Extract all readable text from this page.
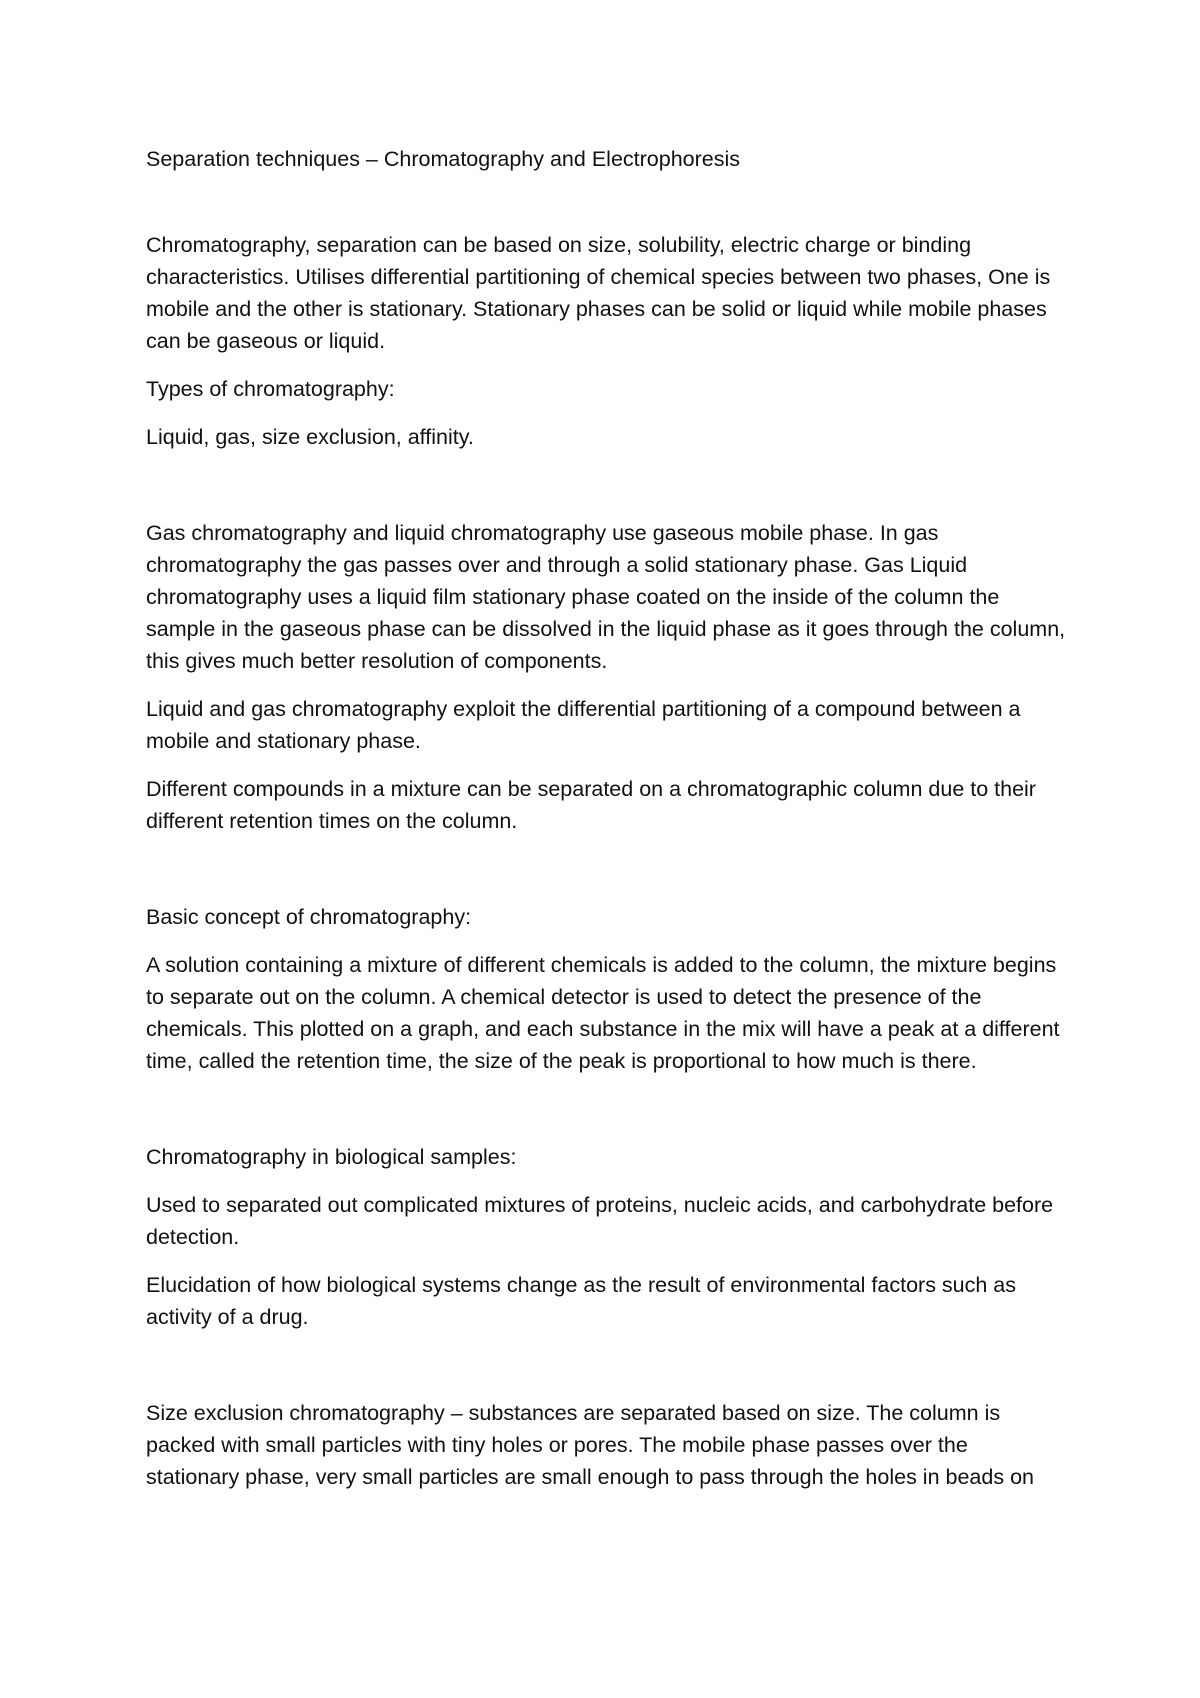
Separation techniques – Chromatography and Electrophoresis

Chromatography, separation can be based on size, solubility, electric charge or binding characteristics. Utilises differential partitioning of chemical species between two phases, One is mobile and the other is stationary. Stationary phases can be solid or liquid while mobile phases can be gaseous or liquid.

Types of chromatography:

Liquid, gas, size exclusion, affinity.

Gas chromatography and liquid chromatography use gaseous mobile phase. In gas chromatography the gas passes over and through a solid stationary phase. Gas Liquid chromatography uses a liquid film stationary phase coated on the inside of the column the sample in the gaseous phase can be dissolved in the liquid phase as it goes through the column, this gives much better resolution of components.

Liquid and gas chromatography exploit the differential partitioning of a compound between a mobile and stationary phase.

Different compounds in a mixture can be separated on a chromatographic column due to their different retention times on the column.

Basic concept of chromatography:

A solution containing a mixture of different chemicals is added to the column, the mixture begins to separate out on the column. A chemical detector is used to detect the presence of the chemicals. This plotted on a graph, and each substance in the mix will have a peak at a different time, called the retention time, the size of the peak is proportional to how much is there.

Chromatography in biological samples:

Used to separated out complicated mixtures of proteins, nucleic acids, and carbohydrate before detection.

Elucidation of how biological systems change as the result of environmental factors such as activity of a drug.

Size exclusion chromatography – substances are separated based on size. The column is packed with small particles with tiny holes or pores. The mobile phase passes over the stationary phase, very small particles are small enough to pass through the holes in beads on
